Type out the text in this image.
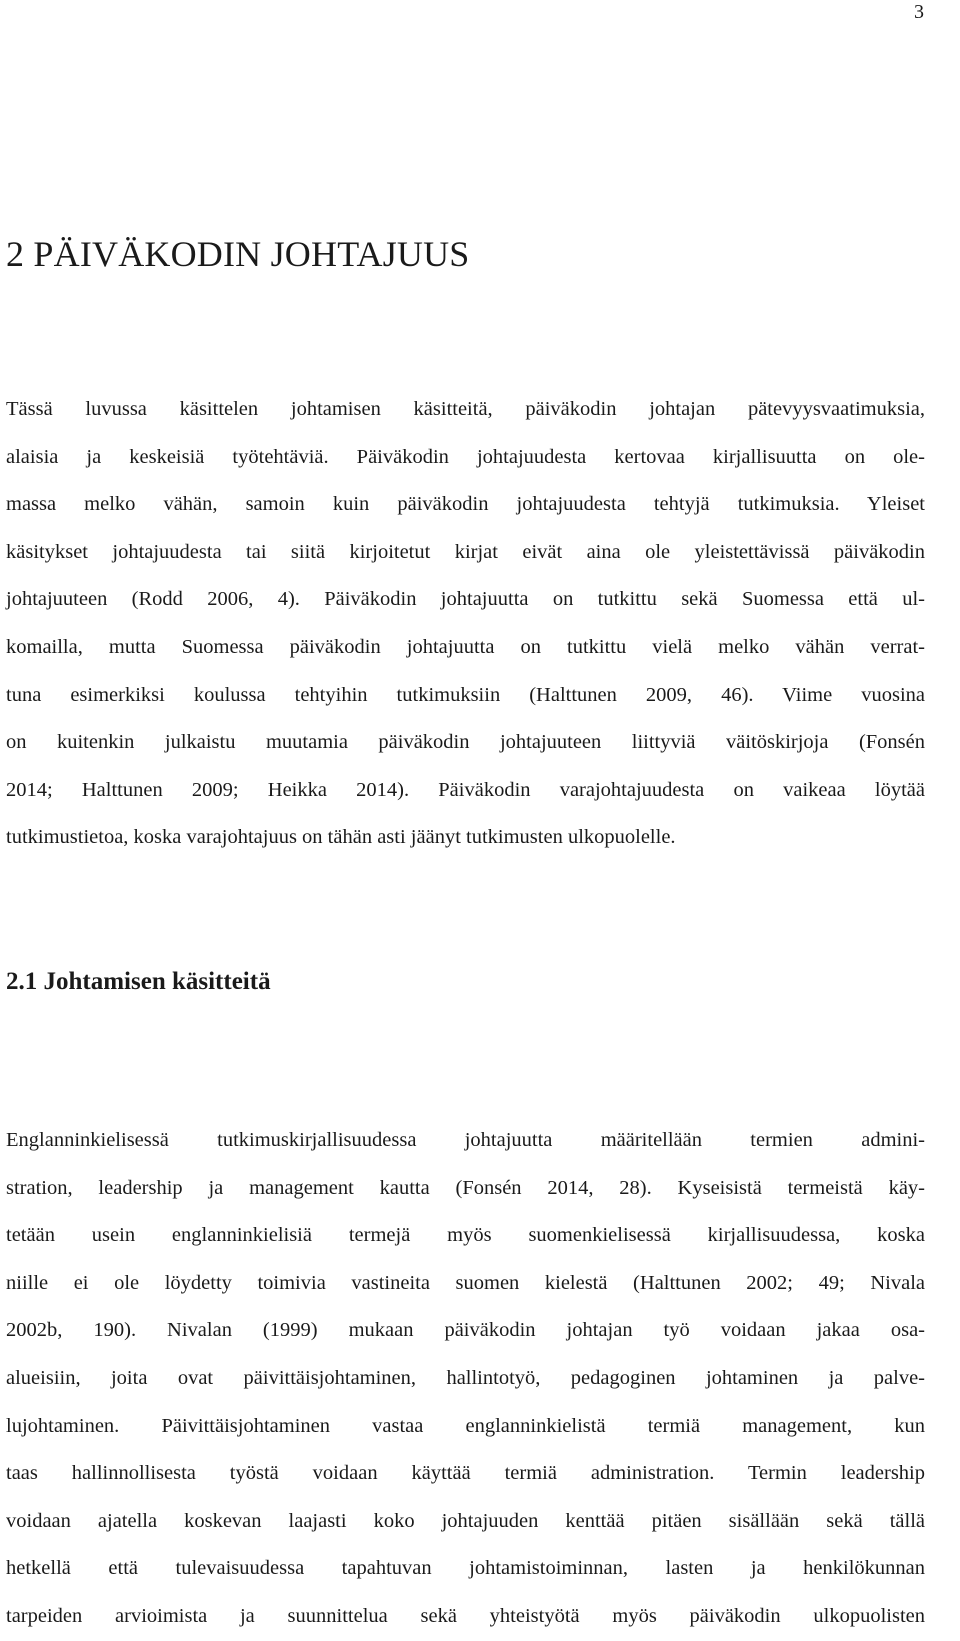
3
2 PÄIVÄKODIN JOHTAJUUS
Tässä luvussa käsittelen johtamisen käsitteitä, päiväkodin johtajan pätevyysvaatimuksia,
alaisia ja keskeisiä työtehtäviä. Päiväkodin johtajuudesta kertovaa kirjallisuutta on ole-
massa melko vähän, samoin kuin päiväkodin johtajuudesta tehtyjä tutkimuksia. Yleiset
käsitykset johtajuudesta tai siitä kirjoitetut kirjat eivät aina ole yleistettävissä päiväkodin
johtajuuteen (Rodd 2006, 4). Päiväkodin johtajuutta on tutkittu sekä Suomessa että ul-
komailla, mutta Suomessa päiväkodin johtajuutta on tutkittu vielä melko vähän verrat-
tuna esimerkiksi koulussa tehtyihin tutkimuksiin (Halttunen 2009, 46). Viime vuosina
on kuitenkin julkaistu muutamia päiväkodin johtajuuteen liittyviä väitöskirjoja (Fonsén
2014; Halttunen 2009; Heikka 2014). Päiväkodin varajohtajuudesta on vaikeaa löytää
tutkimustietoa, koska varajohtajuus on tähän asti jäänyt tutkimusten ulkopuolelle.
2.1 Johtamisen käsitteitä
Englanninkielisessä tutkimuskirjallisuudessa johtajuutta määritellään termien admini-
stration, leadership ja management kautta (Fonsén 2014, 28). Kyseisistä termeistä käy-
tetään usein englanninkielisiä termejä myös suomenkielisessä kirjallisuudessa, koska
niille ei ole löydetty toimivia vastineita suomen kielestä (Halttunen 2002; 49; Nivala
2002b, 190). Nivalan (1999) mukaan päiväkodin johtajan työ voidaan jakaa osa-
alueisiin, joita ovat päivittäisjohtaminen, hallintotyö, pedagoginen johtaminen ja palve-
lujohtaminen. Päivittäisjohtaminen vastaa englanninkielistä termiä management, kun
taas hallinnollisesta työstä voidaan käyttää termiä administration. Termin leadership
voidaan ajatella koskevan laajasti koko johtajuuden kenttää pitäen sisällään sekä tällä
hetkellä että tulevaisuudessa tapahtuvan johtamistoiminnan, lasten ja henkilökunnan
tarpeiden arvioimista ja suunnittelua sekä yhteistyötä myös päiväkodin ulkopuolisten
